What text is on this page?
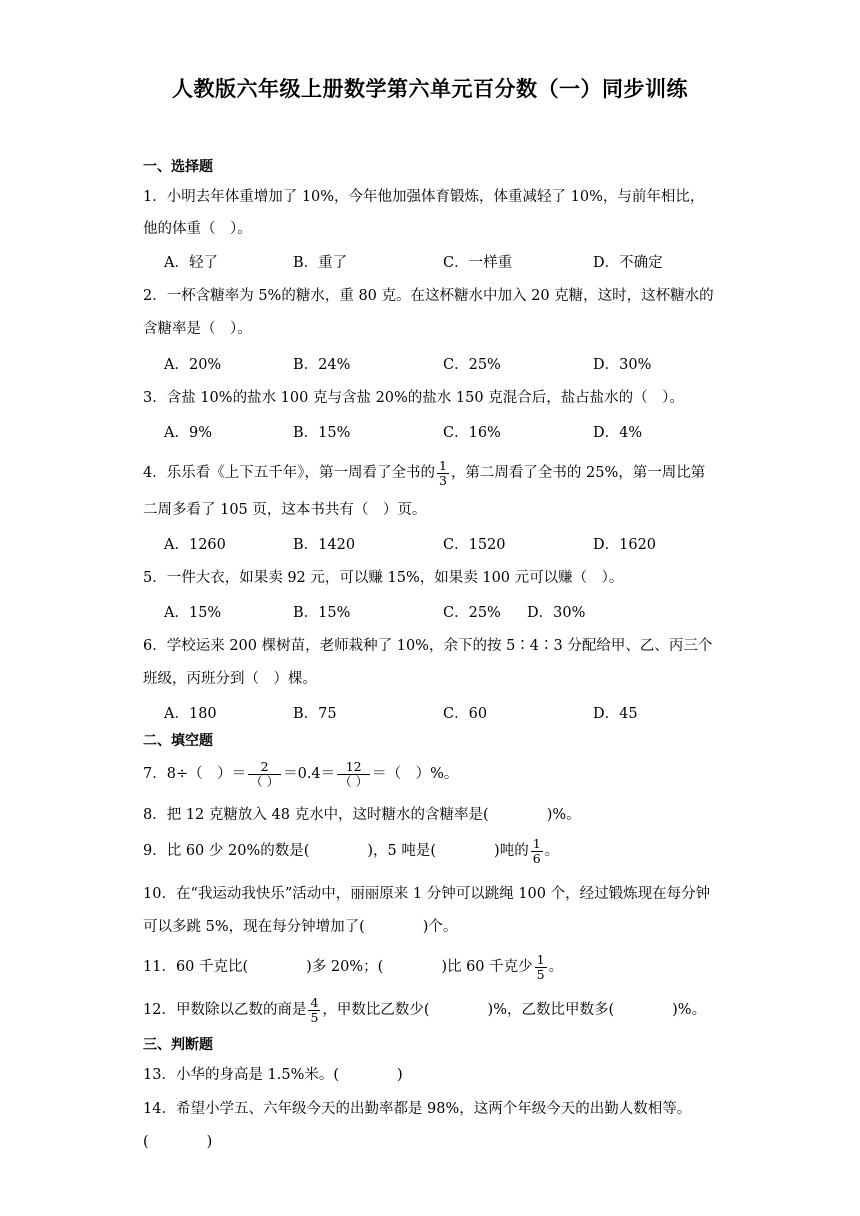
人教版六年级上册数学第六单元百分数（一）同步训练
一、选择题
1．小明去年体重增加了 10%，今年他加强体育锻炼，体重减轻了 10%，与前年相比，
他的体重（　）。
A．轻了	B．重了	C．一样重	D．不确定
2．一杯含糖率为 5%的糖水，重 80 克。在这杯糖水中加入 20 克糖，这时，这杯糖水的
含糖率是（　）。
A．20%	B．24%	C．25%	D．30%
3．含盐 10%的盐水 100 克与含盐 20%的盐水 150 克混合后，盐占盐水的（　）。
A．9%	B．15%	C．16%	D．4%
4．乐乐看《上下五千年》，第一周看了全书的 $\frac{1}{3}$ ，第二周看了全书的 25%，第一周比第
二周多看了 105 页，这本书共有（　）页。
A．1260	B．1420	C．1520	D．1620
5．一件大衣，如果卖 92 元，可以赚 15%，如果卖 100 元可以赚（　）。
A．15%	B．15%	C．25% D．30%
6．学校运来 200 棵树苗，老师栽种了 10%，余下的按 5∶4∶3 分配给甲、乙、丙三个
班级，丙班分到（　）棵。
A．180	B．75	C．60	D．45
二、填空题
7．8÷（　）＝ $\frac{2}{( )} =0.4= \frac{12}{( )}$ ＝（　）%。
8．把 12 克糖放入 48 克水中，这时糖水的含糖率是(　　　　)%。
9．比 60 少 20%的数是(　　　　)，5 吨是(　　　　)吨的 $\frac{1}{6}$ 。
10．在“我运动我快乐”活动中，丽丽原来 1 分钟可以跳绳 100 个，经过锻炼现在每分钟
可以多跳 5%，现在每分钟增加了(　　　　)个。
11．60 千克比(　　　　)多 20%；(　　　　)比 60 千克少 $\frac{1}{5}$ 。
12．甲数除以乙数的商是 $\frac{4}{5}$ ，甲数比乙数少(　　　　)%，乙数比甲数多(　　　　)%。
三、判断题
13．小华的身高是 1.5%米。(　　　　)
14．希望小学五、六年级今天的出勤率都是 98%，这两个年级今天的出勤人数相等。
(　　　　)
